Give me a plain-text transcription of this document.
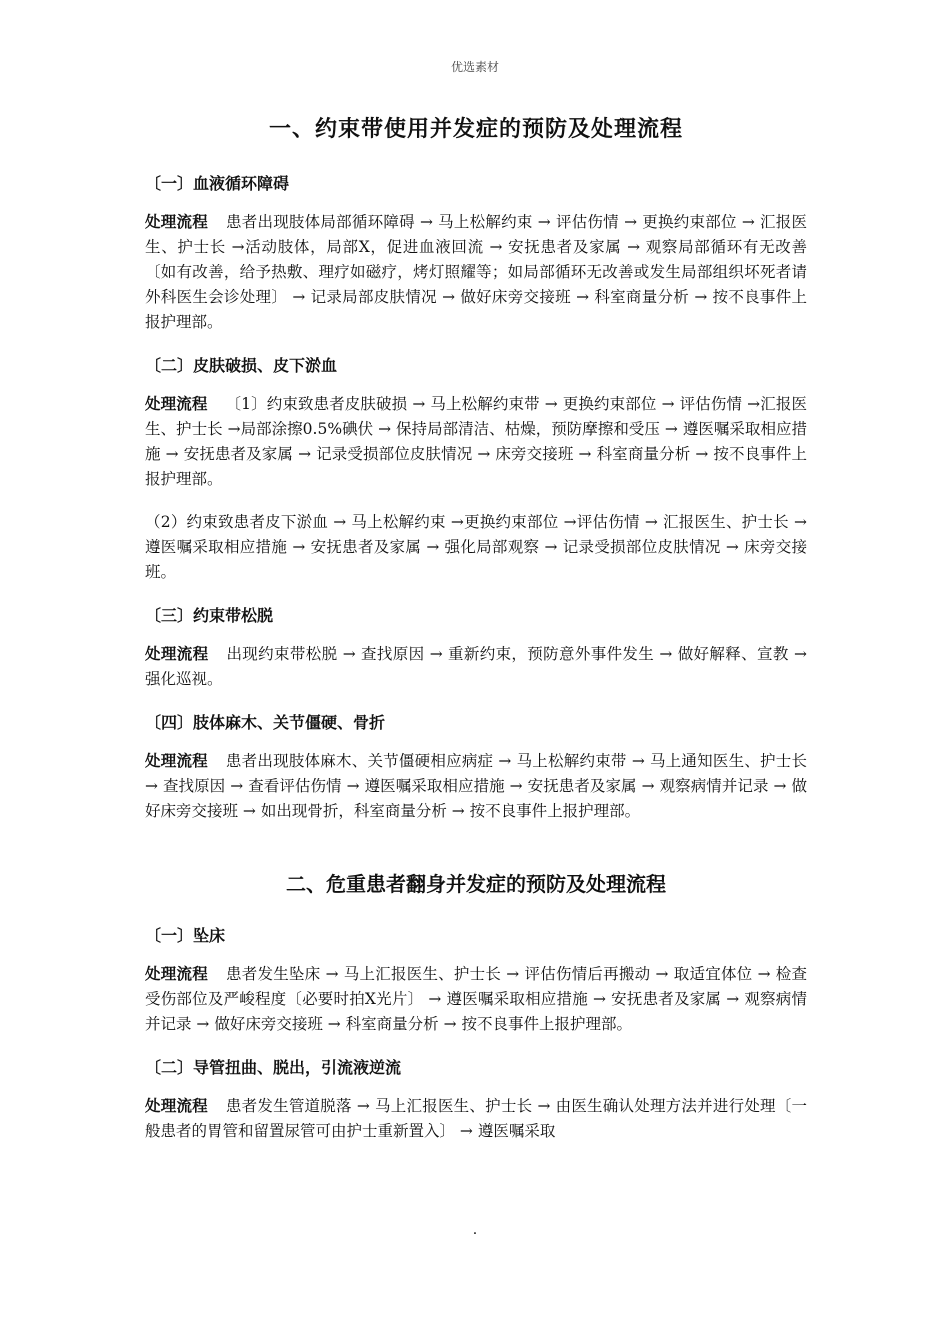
优选素材
一、约束带使用并发症的预防及处理流程
〔一〕血液循环障碍

处理流程 患者出现肢体局部循环障碍 → 马上松解约束 → 评估伤情 → 更换约束部位 → 汇报医生、护士长 →活动肢体，局部X，促进血液回流 → 安抚患者及家属 → 观察局部循环有无改善〔如有改善，给予热敷、理疗如磁疗，烤灯照耀等；如局部循环无改善或发生局部组织坏死者请外科医生会诊处理〕 → 记录局部皮肤情况 → 做好床旁交接班 → 科室商量分析 → 按不良事件上报护理部。

〔二〕皮肤破损、皮下淤血

处理流程 〔1〕约束致患者皮肤破损 → 马上松解约束带 → 更换约束部位 → 评估伤情 →汇报医生、护士长 →局部涂擦0.5%碘伏 → 保持局部清洁、枯燥，预防摩擦和受压 → 遵医嘱采取相应措施 → 安抚患者及家属 → 记录受损部位皮肤情况 → 床旁交接班 → 科室商量分析 → 按不良事件上报护理部。

（2）约束致患者皮下淤血 → 马上松解约束 →更换约束部位 →评估伤情 → 汇报医生、护士长 → 遵医嘱采取相应措施 → 安抚患者及家属 → 强化局部观察 → 记录受损部位皮肤情况 → 床旁交接班。

〔三〕约束带松脱

处理流程 出现约束带松脱 → 查找原因 → 重新约束，预防意外事件发生 → 做好解释、宣教 → 强化巡视。

〔四〕肢体麻木、关节僵硬、骨折

处理流程 患者出现肢体麻木、关节僵硬相应病症 → 马上松解约束带 → 马上通知医生、护士长 → 查找原因 → 查看评估伤情 → 遵医嘱采取相应措施 → 安抚患者及家属 → 观察病情并记录 → 做好床旁交接班 → 如出现骨折，科室商量分析 → 按不良事件上报护理部。

二、危重患者翻身并发症的预防及处理流程
〔一〕坠床

处理流程 患者发生坠床 → 马上汇报医生、护士长 → 评估伤情后再搬动 → 取适宜体位 → 检查受伤部位及严峻程度〔必要时拍X光片〕 → 遵医嘱采取相应措施 → 安抚患者及家属 → 观察病情并记录 → 做好床旁交接班 → 科室商量分析 → 按不良事件上报护理部。

〔二〕导管扭曲、脱出，引流液逆流

处理流程 患者发生管道脱落 → 马上汇报医生、护士长 → 由医生确认处理方法并进行处理〔一般患者的胃管和留置尿管可由护士重新置入〕 → 遵医嘱采取

.
